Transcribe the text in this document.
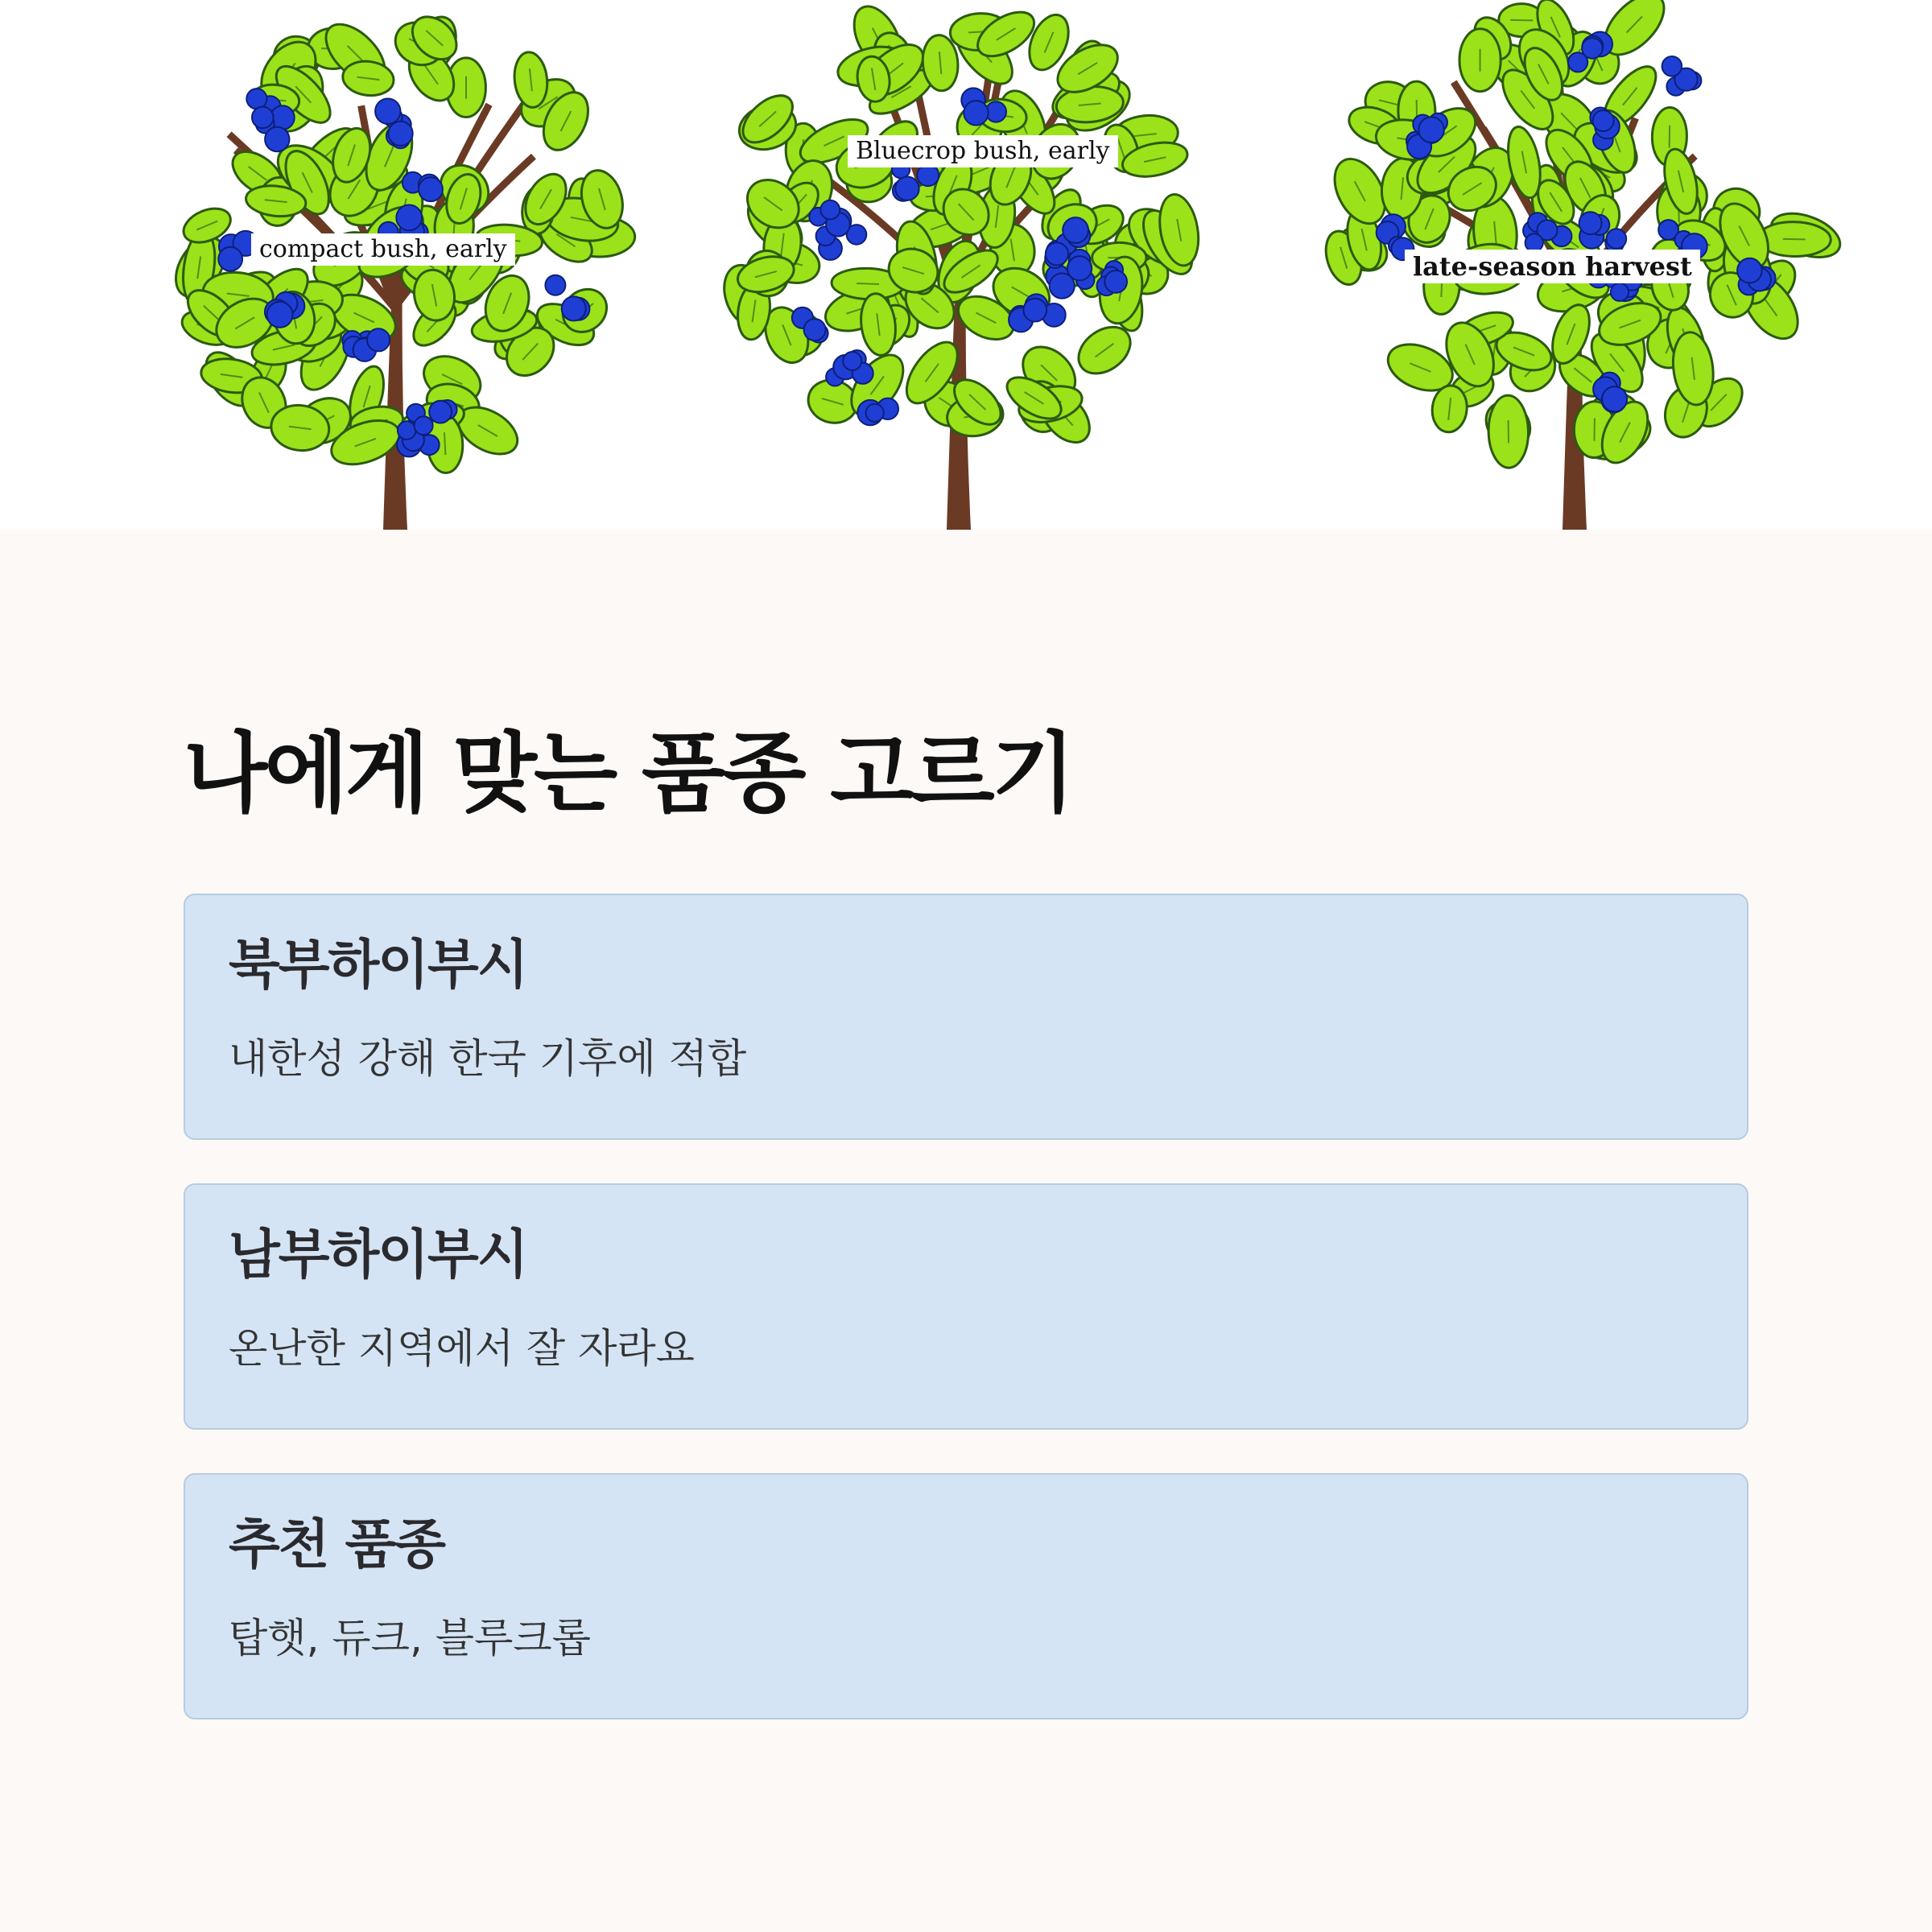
compact bush, early
Bluecrop bush, early
late-season harvest
나에게 맞는 품종 고르기
북부하이부시

내한성 강해 한국 기후에 적합

남부하이부시

온난한 지역에서 잘 자라요

추천 품종

탑햇, 듀크, 블루크롭
